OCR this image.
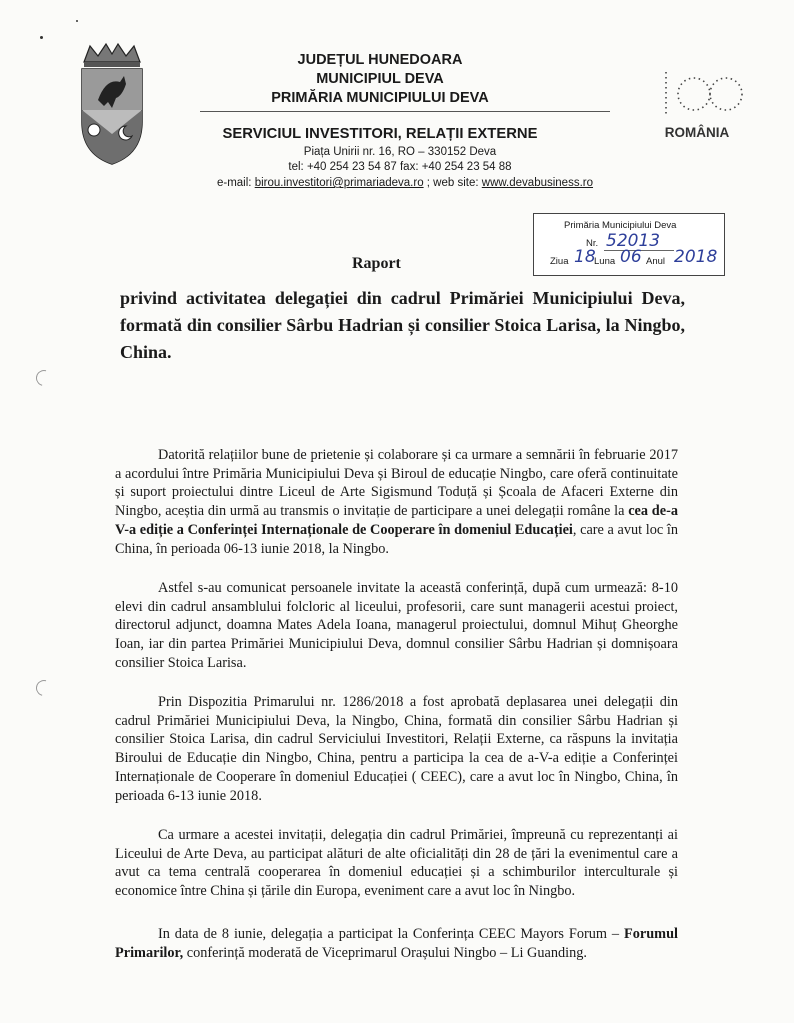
JUDEȚUL HUNEDOARA
MUNICIPIUL DEVA
PRIMĂRIA MUNICIPIULUI DEVA
SERVICIUL INVESTITORI, RELAȚII EXTERNE
Piața Unirii nr. 16, RO – 330152 Deva
tel: +40 254 23 54 87 fax: +40 254 23 54 88
e-mail: birou.investitori@primariadeva.ro ; web site: www.devabusiness.ro
ROMÂNIA
Primăria Municipiului Deva
Nr. 52013
Ziua 18
Luna 06 Anul 2018
Raport
privind activitatea delegației din cadrul Primăriei Municipiului Deva, formată din consilier Sârbu Hadrian și consilier Stoica Larisa, la Ningbo, China.
Datorită relațiilor bune de prietenie și colaborare și ca urmare a semnării în februarie 2017 a acordului între Primăria Municipiului Deva și Biroul de educație Ningbo, care oferă continuitate și suport proiectului dintre Liceul de Arte Sigismund Toduță și Școala de Afaceri Externe din Ningbo, aceștia din urmă au transmis o invitație de participare a unei delegații române la cea de-a V-a ediție a Conferinței Internaționale de Cooperare în domeniul Educației, care a avut loc în China, în perioada 06-13 iunie 2018, la Ningbo.
Astfel s-au comunicat persoanele invitate la această conferință, după cum urmează: 8-10 elevi din cadrul ansamblului folcloric al liceului, profesorii, care sunt managerii acestui proiect, directorul adjunct, doamna Mates Adela Ioana, managerul proiectului, domnul Mihuț Gheorghe Ioan, iar din partea Primăriei Municipiului Deva, domnul consilier Sârbu Hadrian și domnișoara consilier Stoica Larisa.
Prin Dispozitia Primarului nr. 1286/2018 a fost aprobată deplasarea unei delegații din cadrul Primăriei Municipiului Deva, la Ningbo, China, formată din consilier Sârbu Hadrian și consilier Stoica Larisa, din cadrul Serviciului Investitori, Relații Externe, ca răspuns la invitația Biroului de Educație din Ningbo, China, pentru a participa la cea de a-V-a ediție a Conferinței Internaționale de Cooperare în domeniul Educației ( CEEC), care a avut loc în Ningbo, China, în perioada 6-13 iunie 2018.
Ca urmare a acestei invitații, delegația din cadrul Primăriei, împreună cu reprezentanți ai Liceului de Arte Deva, au participat alături de alte oficialități din 28 de țări la evenimentul care a avut ca tema centrală cooperarea în domeniul educației și a schimburilor interculturale și economice între China și țările din Europa, eveniment care a avut loc în Ningbo.
In data de 8 iunie, delegația a participat la Conferința CEEC Mayors Forum – Forumul Primarilor, conferință moderată de Viceprimarul Orașului Ningbo – Li Guanding.
